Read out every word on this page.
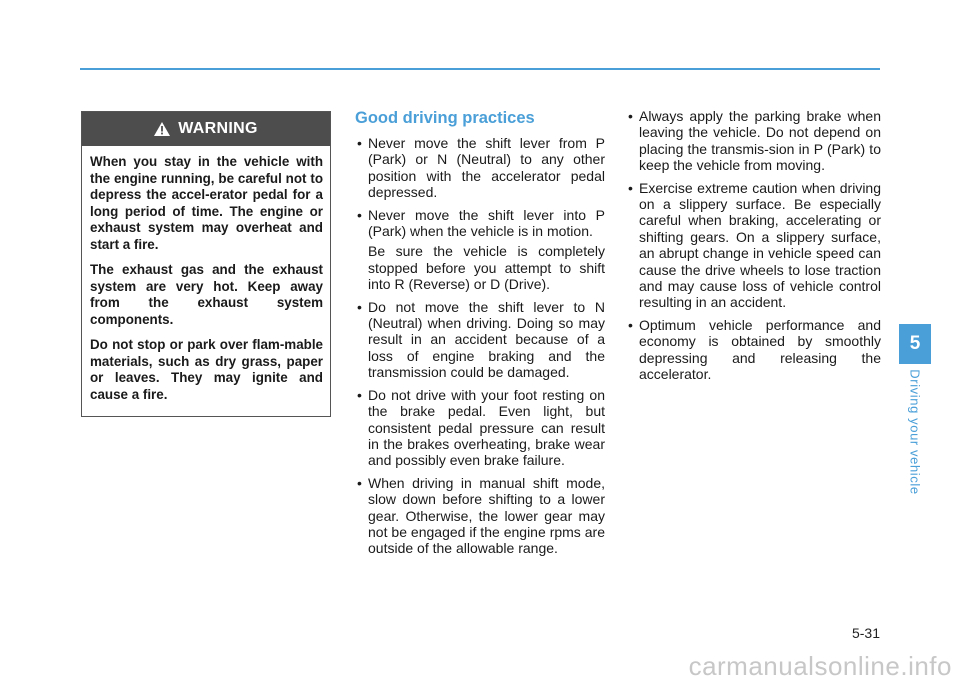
WARNING

When you stay in the vehicle with the engine running, be careful not to depress the accel-erator pedal for a long period of time. The engine or exhaust system may overheat and start a fire.

The exhaust gas and the exhaust system are very hot. Keep away from the exhaust system components.

Do not stop or park over flam-mable materials, such as dry grass, paper or leaves. They may ignite and cause a fire.

Good driving practices
• Never move the shift lever from P (Park) or N (Neutral) to any other position with the accelerator pedal depressed.
• Never move the shift lever into P (Park) when the vehicle is in motion.
Be sure the vehicle is completely stopped before you attempt to shift into R (Reverse) or D (Drive).
• Do not move the shift lever to N (Neutral) when driving. Doing so may result in an accident because of a loss of engine braking and the transmission could be damaged.
• Do not drive with your foot resting on the brake pedal. Even light, but consistent pedal pressure can result in the brakes overheating, brake wear and possibly even brake failure.
• When driving in manual shift mode, slow down before shifting to a lower gear. Otherwise, the lower gear may not be engaged if the engine rpms are outside of the allowable range.
• Always apply the parking brake when leaving the vehicle. Do not depend on placing the transmis-sion in P (Park) to keep the vehicle from moving.
• Exercise extreme caution when driving on a slippery surface. Be especially careful when braking, accelerating or shifting gears. On a slippery surface, an abrupt change in vehicle speed can cause the drive wheels to lose traction and may cause loss of vehicle control resulting in an accident.
• Optimum vehicle performance and economy is obtained by smoothly depressing and releasing the accelerator.
5
Driving your vehicle
5-31
carmanualsonline.info
